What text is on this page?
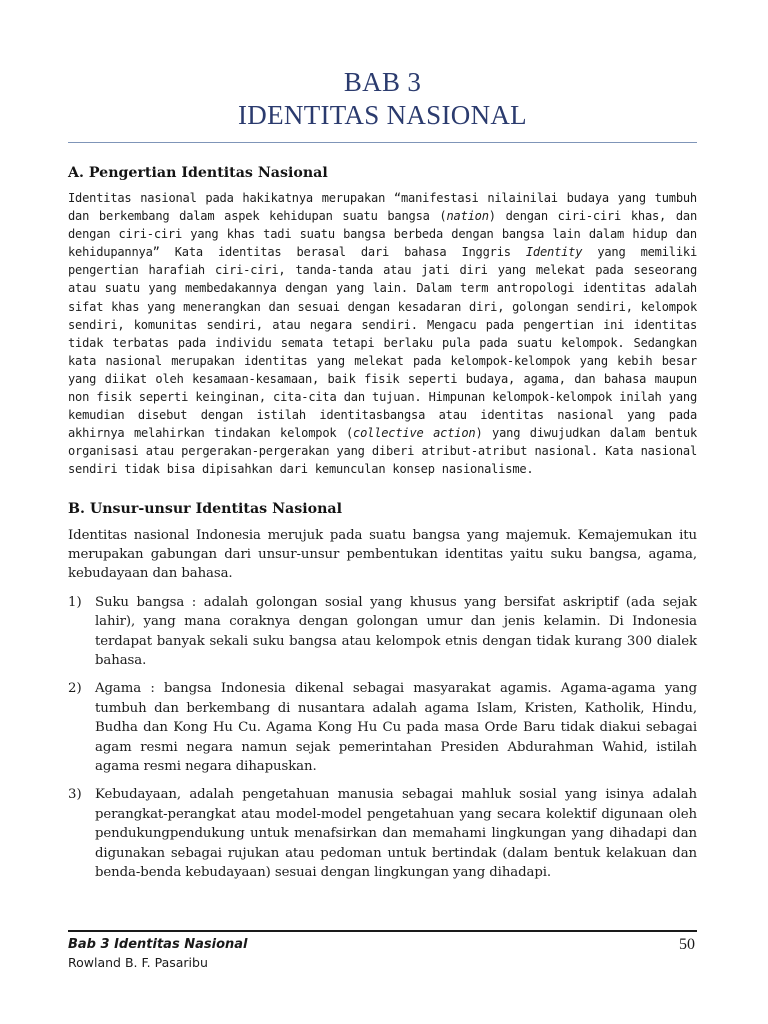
BAB 3
IDENTITAS NASIONAL
A. Pengertian Identitas Nasional

Identitas nasional pada hakikatnya merupakan “manifestasi nilainilai budaya yang tumbuh dan berkembang dalam aspek kehidupan suatu bangsa (nation) dengan ciri-ciri khas, dan dengan ciri-ciri yang khas tadi suatu bangsa berbeda dengan bangsa lain dalam hidup dan kehidupannya” Kata identitas berasal dari bahasa Inggris Identity yang memiliki pengertian harafiah ciri-ciri, tanda-tanda atau jati diri yang melekat pada seseorang atau suatu yang membedakannya dengan yang lain. Dalam term antropologi identitas adalah sifat khas yang menerangkan dan sesuai dengan kesadaran diri, golongan sendiri, kelompok sendiri, komunitas sendiri, atau negara sendiri. Mengacu pada pengertian ini identitas tidak terbatas pada individu semata tetapi berlaku pula pada suatu kelompok. Sedangkan kata nasional merupakan identitas yang melekat pada kelompok-kelompok yang kebih besar yang diikat oleh kesamaan-kesamaan, baik fisik seperti budaya, agama, dan bahasa maupun non fisik seperti keinginan, cita-cita dan tujuan. Himpunan kelompok-kelompok inilah yang kemudian disebut dengan istilah identitasbangsa atau identitas nasional yang pada akhirnya melahirkan tindakan kelompok (collective action) yang diwujudkan dalam bentuk organisasi atau pergerakan-pergerakan yang diberi atribut-atribut nasional. Kata nasional sendiri tidak bisa dipisahkan dari kemunculan konsep nasionalisme.

B. Unsur-unsur Identitas Nasional

Identitas nasional Indonesia merujuk pada suatu bangsa yang majemuk. Kemajemukan itu merupakan gabungan dari unsur-unsur pembentukan identitas yaitu suku bangsa, agama, kebudayaan dan bahasa.

1)	Suku bangsa : adalah golongan sosial yang khusus yang bersifat askriptif (ada sejak lahir), yang mana coraknya dengan golongan umur dan jenis kelamin. Di Indonesia terdapat banyak sekali suku bangsa atau kelompok etnis dengan tidak kurang 300 dialek bahasa.
2)	Agama : bangsa Indonesia dikenal sebagai masyarakat agamis. Agama-agama yang tumbuh dan berkembang di nusantara adalah agama Islam, Kristen, Katholik, Hindu, Budha dan Kong Hu Cu. Agama Kong Hu Cu pada masa Orde Baru tidak diakui sebagai agam resmi negara namun sejak pemerintahan Presiden Abdurahman Wahid, istilah agama resmi negara dihapuskan.
3)	Kebudayaan, adalah pengetahuan manusia sebagai mahluk sosial yang isinya adalah perangkat-perangkat atau model-model pengetahuan yang secara kolektif digunaan oleh pendukungpendukung untuk menafsirkan dan memahami lingkungan yang dihadapi dan digunakan sebagai rujukan atau pedoman untuk bertindak (dalam bentuk kelakuan dan benda-benda kebudayaan) sesuai dengan lingkungan yang dihadapi.
Bab 3 Identitas Nasional
Rowland B. F. Pasaribu
50
